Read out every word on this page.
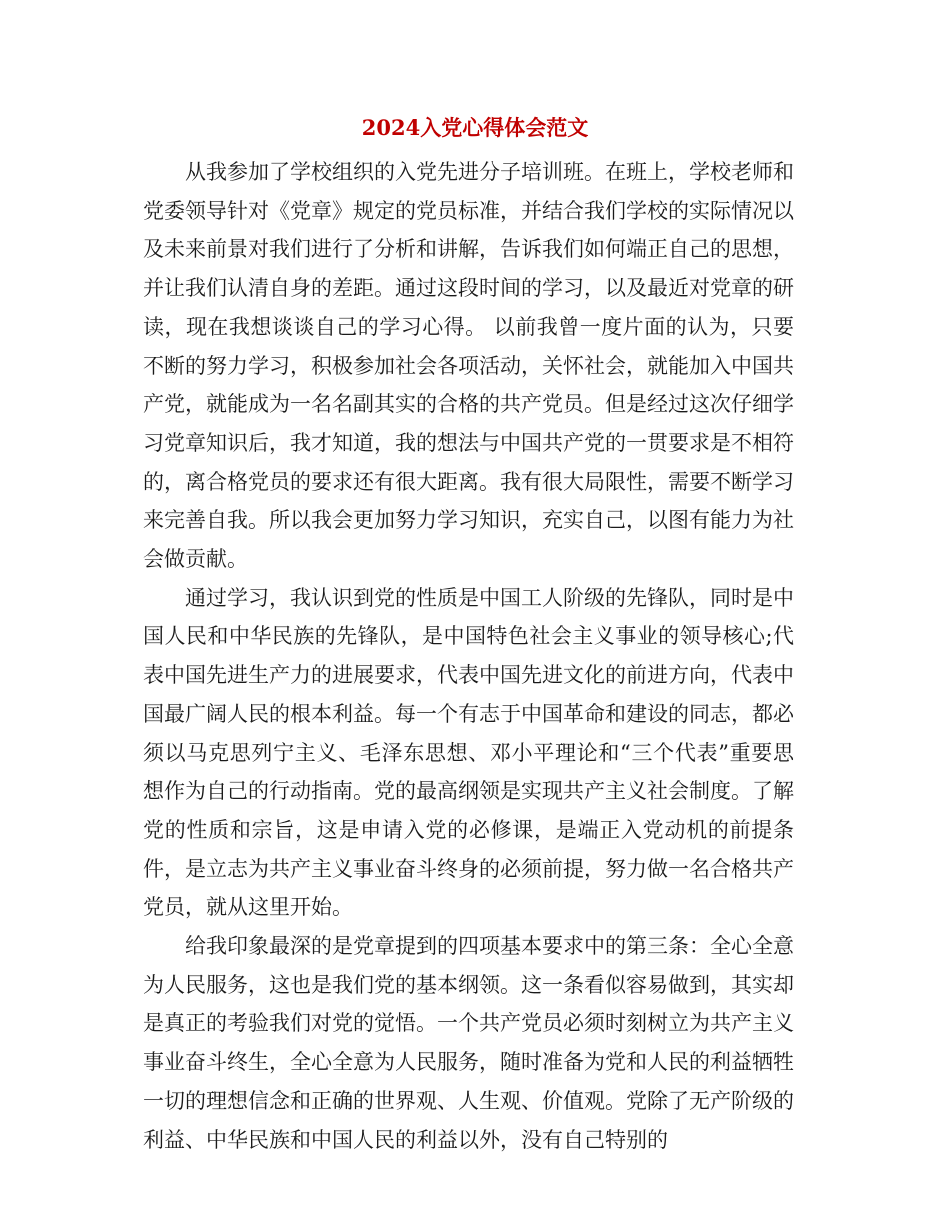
2024入党心得体会范文

从我参加了学校组织的入党先进分子培训班。在班上，学校老师和党委领导针对《党章》规定的党员标准，并结合我们学校的实际情况以及未来前景对我们进行了分析和讲解，告诉我们如何端正自己的思想，并让我们认清自身的差距。通过这段时间的学习，以及最近对党章的研读，现在我想谈谈自己的学习心得。 以前我曾一度片面的认为，只要不断的努力学习，积极参加社会各项活动，关怀社会，就能加入中国共产党，就能成为一名名副其实的合格的共产党员。但是经过这次仔细学习党章知识后，我才知道，我的想法与中国共产党的一贯要求是不相符的，离合格党员的要求还有很大距离。我有很大局限性，需要不断学习来完善自我。所以我会更加努力学习知识，充实自己，以图有能力为社会做贡献。

通过学习，我认识到党的性质是中国工人阶级的先锋队，同时是中国人民和中华民族的先锋队，是中国特色社会主义事业的领导核心;代表中国先进生产力的进展要求，代表中国先进文化的前进方向，代表中国最广阔人民的根本利益。每一个有志于中国革命和建设的同志，都必须以马克思列宁主义、毛泽东思想、邓小平理论和“三个代表”重要思想作为自己的行动指南。党的最高纲领是实现共产主义社会制度。了解党的性质和宗旨，这是申请入党的必修课，是端正入党动机的前提条件，是立志为共产主义事业奋斗终身的必须前提，努力做一名合格共产党员，就从这里开始。

给我印象最深的是党章提到的四项基本要求中的第三条：全心全意为人民服务，这也是我们党的基本纲领。这一条看似容易做到，其实却是真正的考验我们对党的觉悟。一个共产党员必须时刻树立为共产主义事业奋斗终生，全心全意为人民服务，随时准备为党和人民的利益牺牲一切的理想信念和正确的世界观、人生观、价值观。党除了无产阶级的利益、中华民族和中国人民的利益以外，没有自己特别的
